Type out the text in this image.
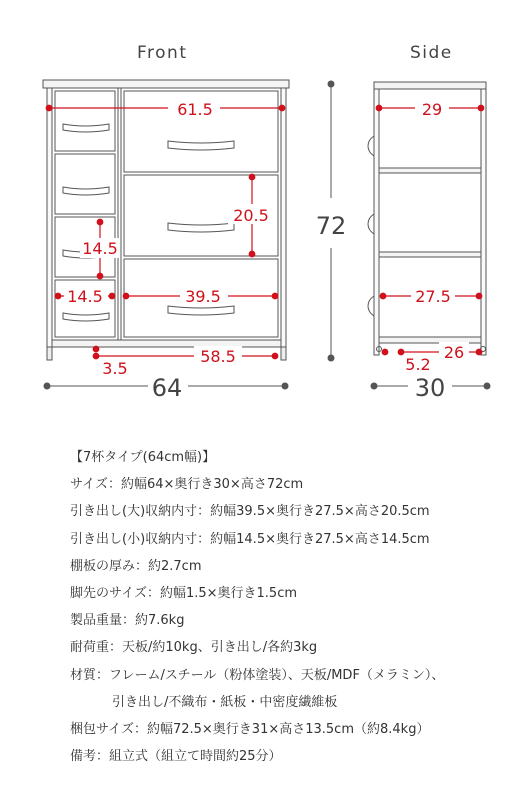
Front	Side
61.5
20.5
14.5
14.5	39.5
3.5
58.5
64
72
29
27.5
26
5.2
30
【7杯タイプ(64cm幅)】
サイズ：約幅64×奥行き30×高さ72cm
引き出し(大)収納内寸：約幅39.5×奥行き27.5×高さ20.5cm
引き出し(小)収納内寸：約幅14.5×奥行き27.5×高さ14.5cm
棚板の厚み：約2.7cm
脚先のサイズ：約幅1.5×奥行き1.5cm
製品重量：約7.6kg
耐荷重：天板/約10kg、引き出し/各約3kg
材質：フレーム/スチール（粉体塗装）、天板/MDF（メラミン）、
引き出し/不織布・紙板・中密度繊維板
梱包サイズ：約幅72.5×奥行き31×高さ13.5cm（約8.4kg）
備考：組立式（組立て時間約25分）
